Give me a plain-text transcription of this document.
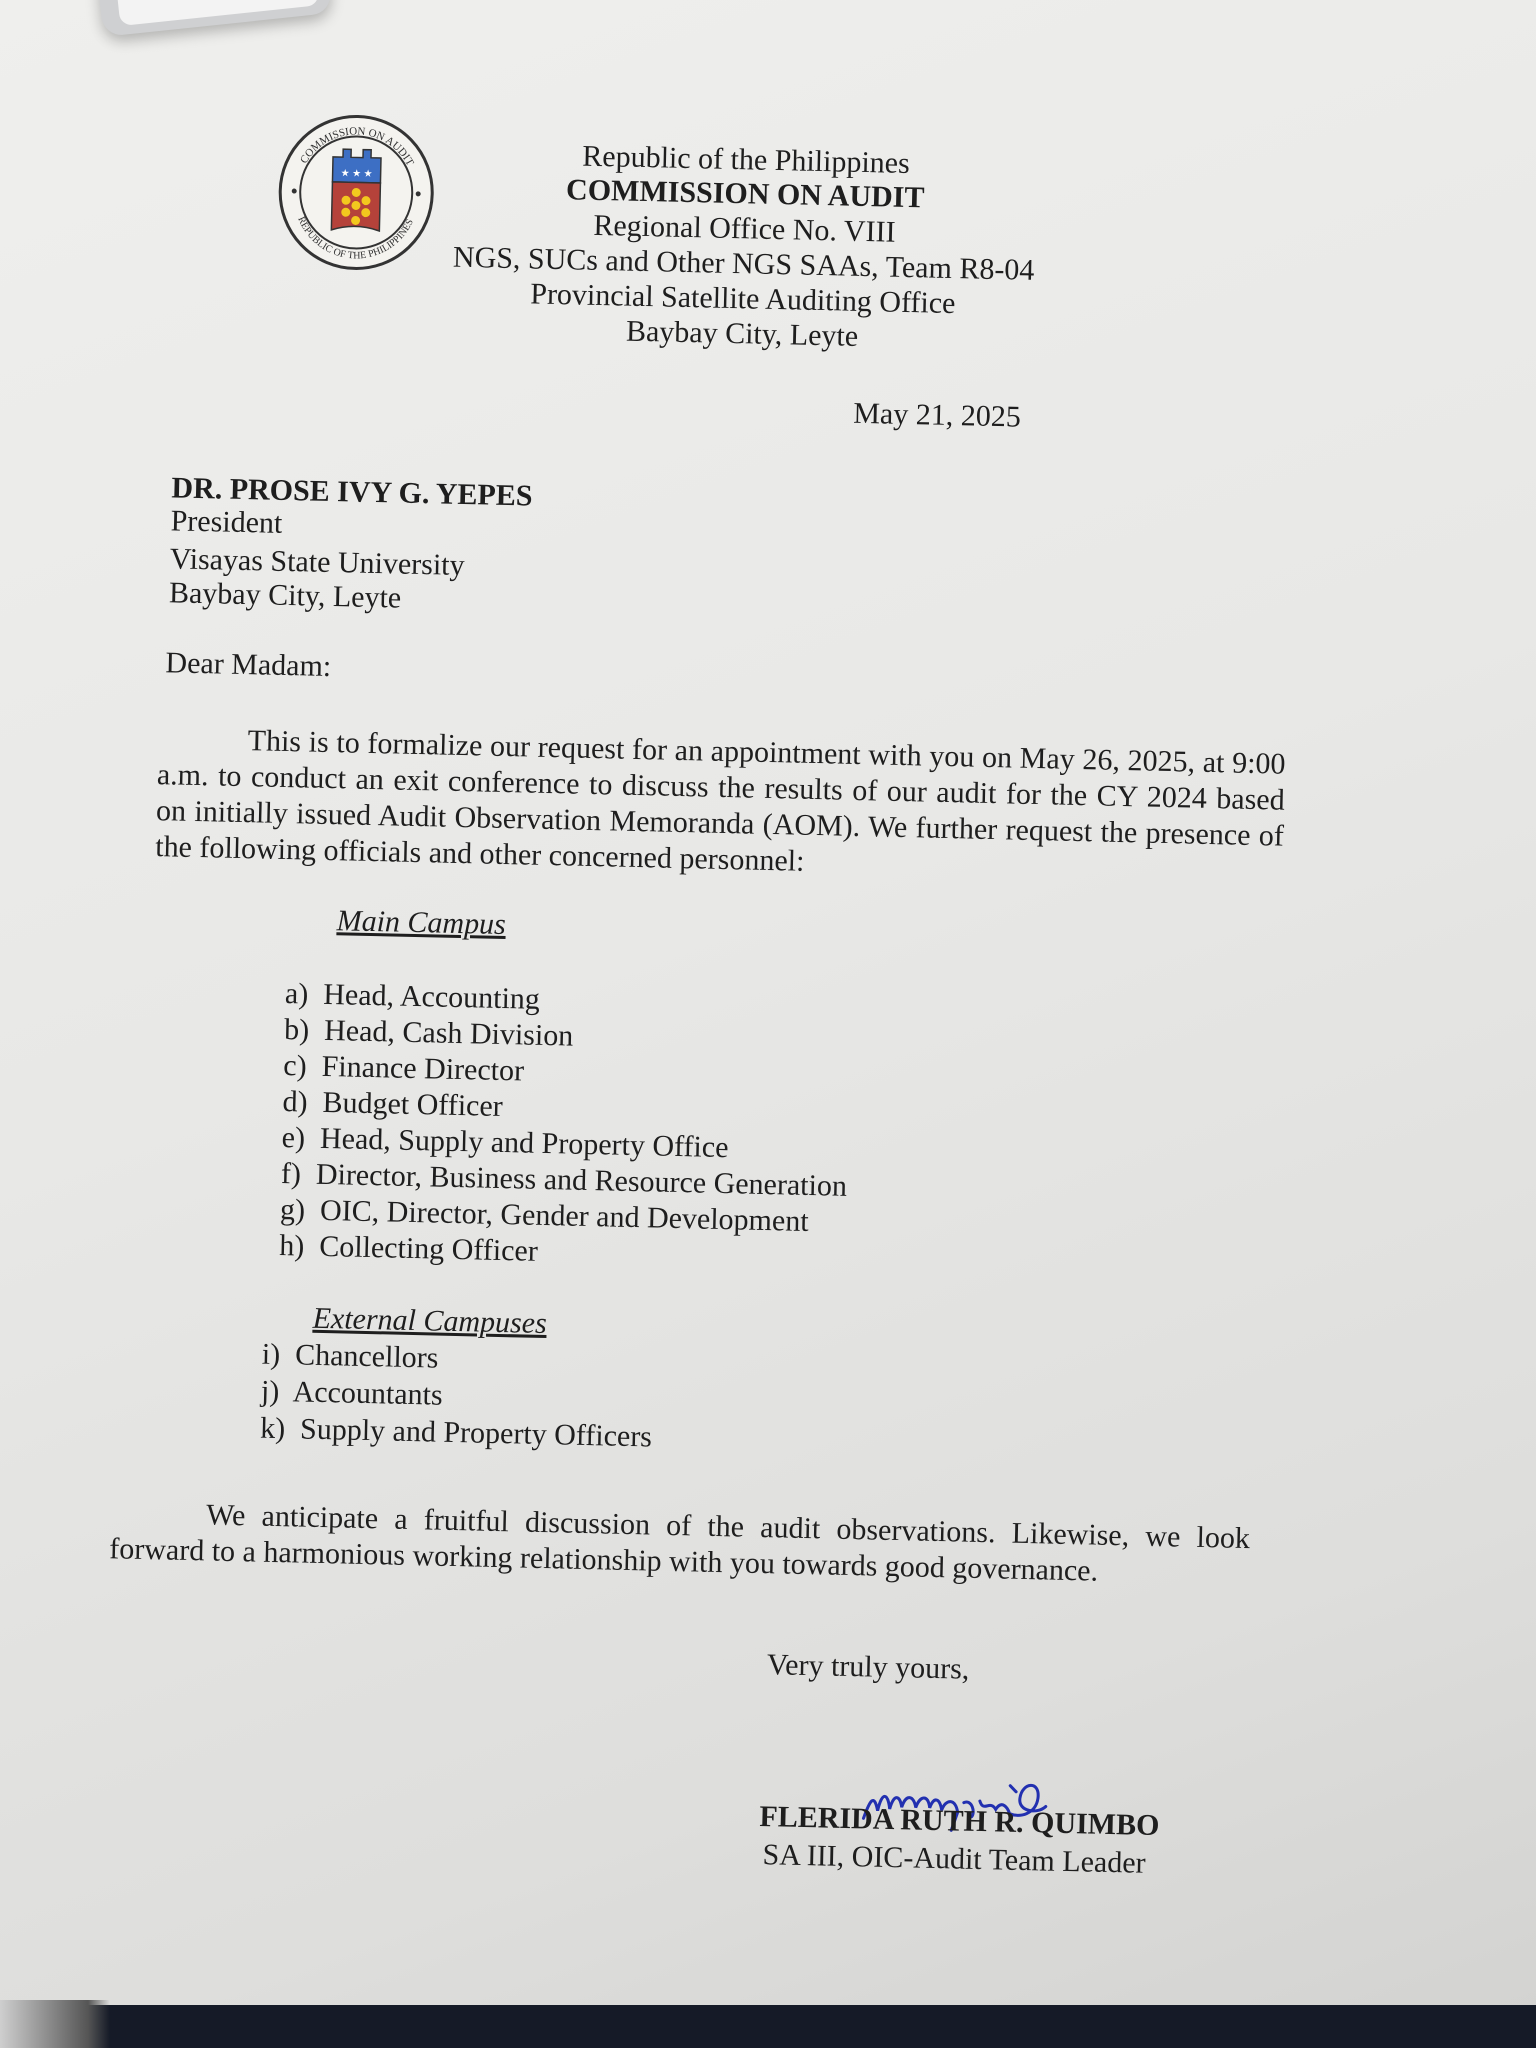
COMMISSION ON AUDIT
REPUBLIC OF THE PHILIPPINES
★ ★ ★	Republic of the Philippines
COMMISSION ON AUDIT
Regional Office No. VIII
NGS, SUCs and Other NGS SAAs, Team R8-04
Provincial Satellite Auditing Office
Baybay City, Leyte
May 21, 2025
DR. PROSE IVY G. YEPES
President
Visayas State University
Baybay City, Leyte
Dear Madam:
This is to formalize our request for an appointment with you on May 26, 2025, at 9:00 a.m. to conduct an exit conference to discuss the results of our audit for the CY 2024 based on initially issued Audit Observation Memoranda (AOM). We further request the presence of the following officials and other concerned personnel:
Main Campus
a) Head, Accounting
b) Head, Cash Division
c) Finance Director
d) Budget Officer
e) Head, Supply and Property Office
f) Director, Business and Resource Generation
g) OIC, Director, Gender and Development
h) Collecting Officer
External Campuses
i) Chancellors
j) Accountants
k) Supply and Property Officers
We anticipate a fruitful discussion of the audit observations. Likewise, we look forward to a harmonious working relationship with you towards good governance.
Very truly yours,
FLERIDA RUTH R. QUIMBO
SA III, OIC-Audit Team Leader
